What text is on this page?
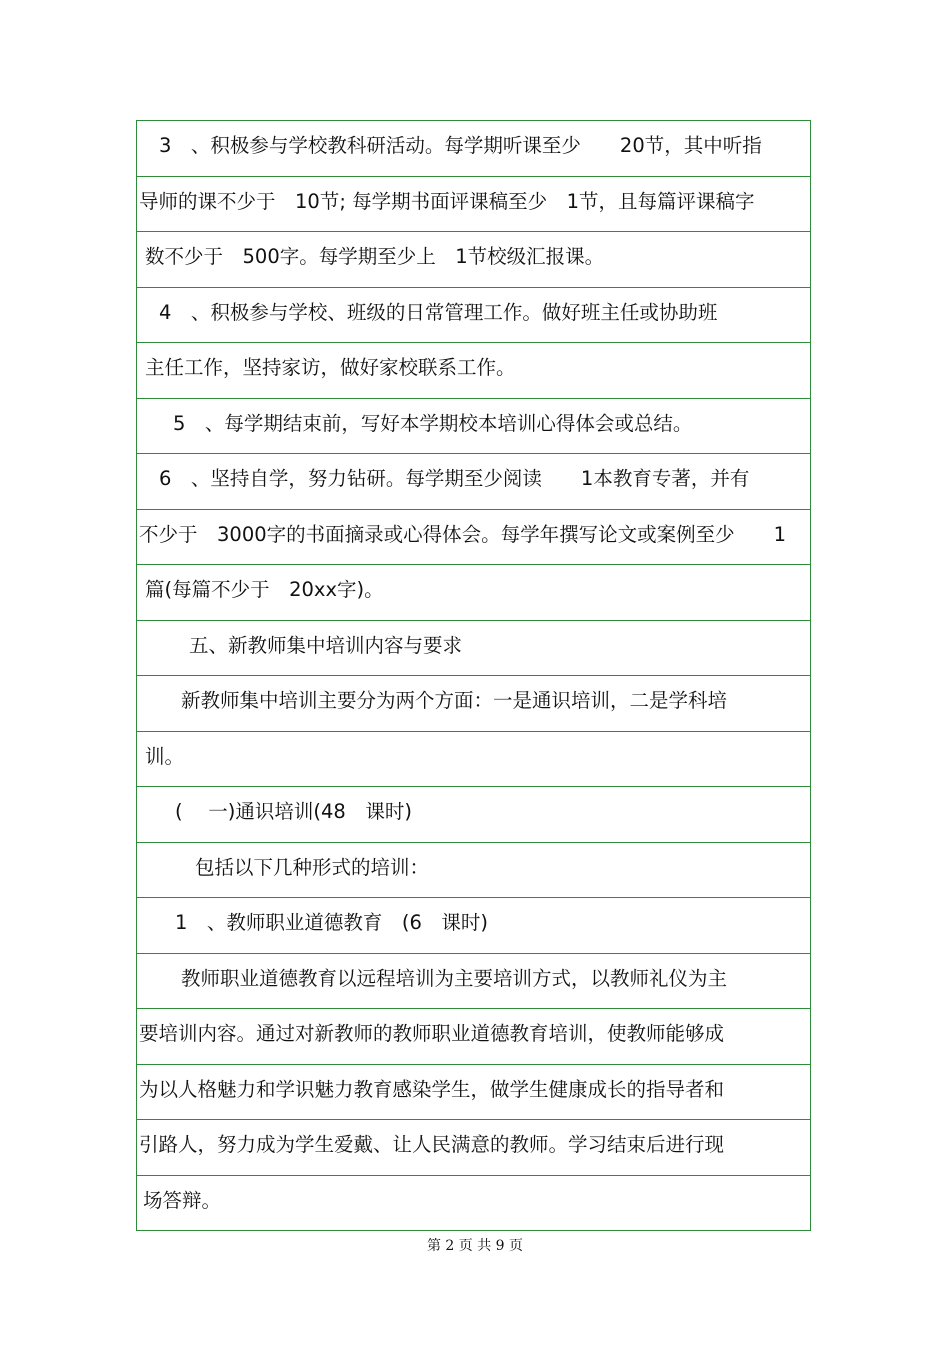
3　、积极参与学校教科研活动。每学期听课至少　　20节，其中听指
导师的课不少于　10节; 每学期书面评课稿至少　1节，且每篇评课稿字
数不少于　500字。每学期至少上　1节校级汇报课。
4　、积极参与学校、班级的日常管理工作。做好班主任或协助班
主任工作，坚持家访，做好家校联系工作。
5　、每学期结束前，写好本学期校本培训心得体会或总结。
6　、坚持自学，努力钻研。每学期至少阅读　　1本教育专著，并有
不少于　3000字的书面摘录或心得体会。每学年撰写论文或案例至少　　1
篇(每篇不少于　20xx字)。
五、新教师集中培训内容与要求
新教师集中培训主要分为两个方面：一是通识培训，二是学科培
训。
(　 一)通识培训(48　课时)
包括以下几种形式的培训：
1　、教师职业道德教育　(6　课时)
教师职业道德教育以远程培训为主要培训方式，以教师礼仪为主
要培训内容。通过对新教师的教师职业道德教育培训，使教师能够成
为以人格魅力和学识魅力教育感染学生，做学生健康成长的指导者和
引路人，努力成为学生爱戴、让人民满意的教师。学习结束后进行现
场答辩。
第 2 页 共 9 页
